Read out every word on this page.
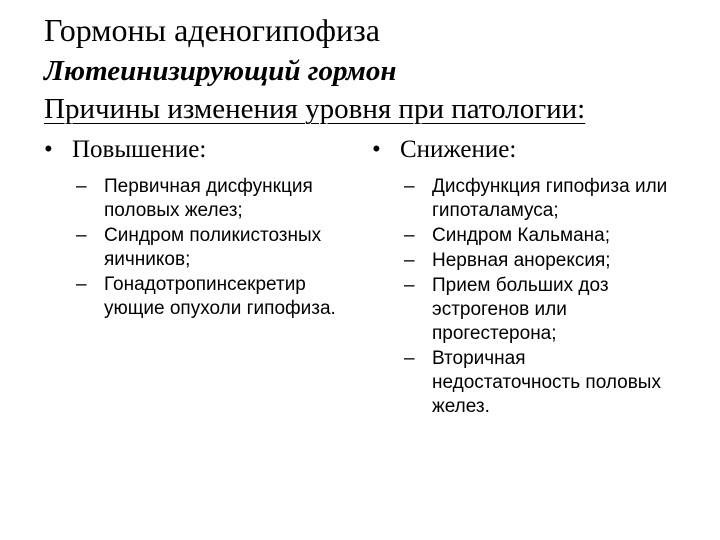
Гормоны аденогипофиза
Лютеинизирующий гормон
Причины изменения уровня при патологии:
• Повышение:
– Первичная дисфункция половых желез;
– Синдром поликистозных яичников;
– Гонадотропинсекретир ующие опухоли гипофиза.
• Снижение:
– Дисфункция гипофиза или гипоталамуса;
– Синдром Кальмана;
– Нервная анорексия;
– Прием больших доз эстрогенов или прогестерона;
– Вторичная недостаточность половых желез.
